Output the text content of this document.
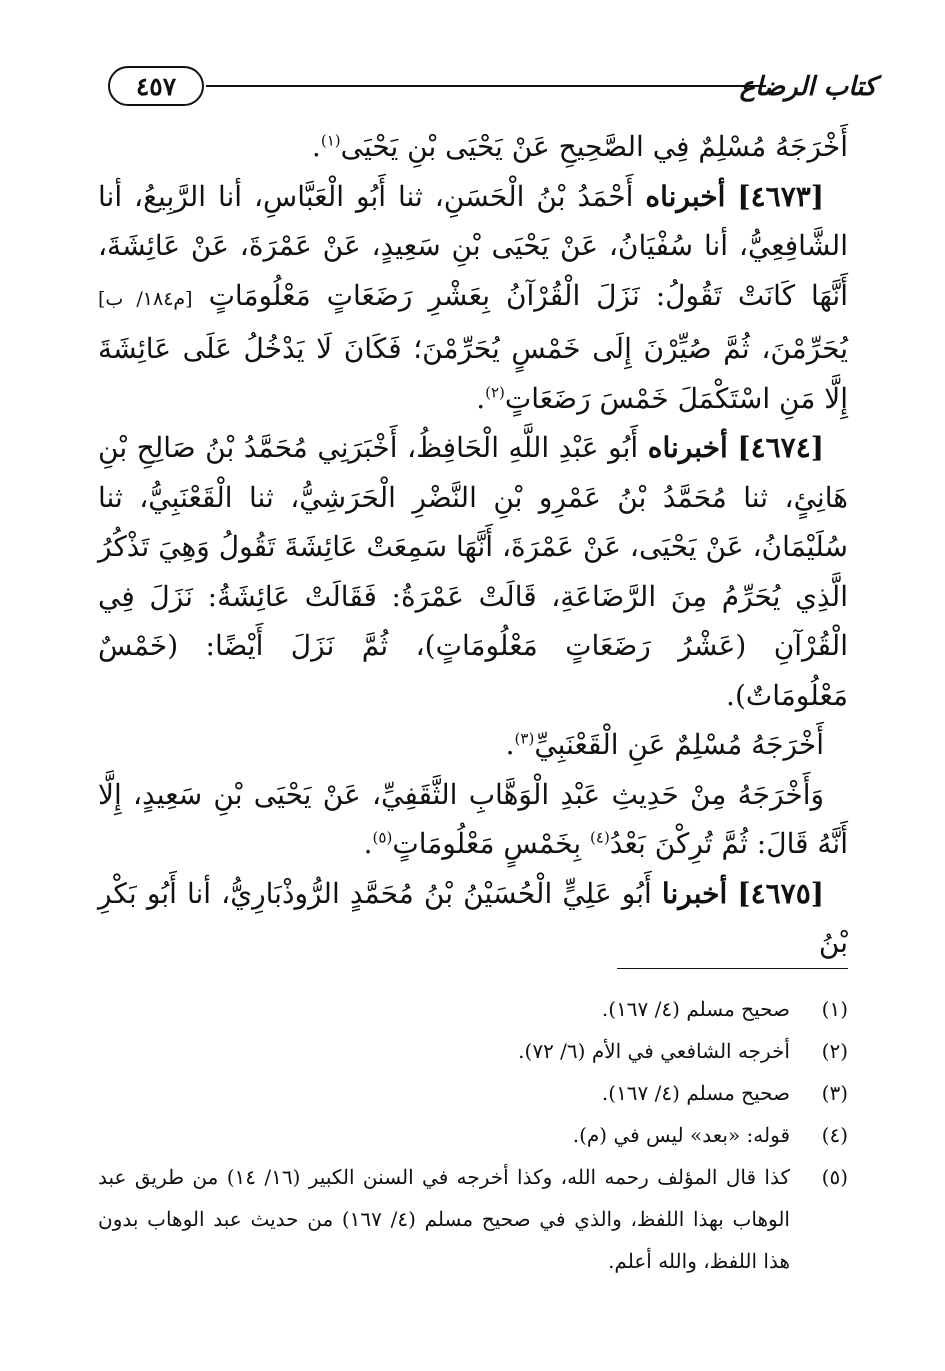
٤٥٧	كتاب الرضاع

أَخْرَجَهُ مُسْلِمٌ فِي الصَّحِيحِ عَنْ يَحْيَى بْنِ يَحْيَى$^{(١)}$.

[٤٦٧٣] أخبرناه أَحْمَدُ بْنُ الْحَسَنِ، ثنا أَبُو الْعَبَّاسِ، أنا الرَّبِيعُ، أنا الشَّافِعِيُّ، أنا سُفْيَانُ، عَنْ يَحْيَى بْنِ سَعِيدٍ، عَنْ عَمْرَةَ، عَنْ عَائِشَةَ، أَنَّهَا كَانَتْ تَقُولُ: نَزَلَ الْقُرْآنُ بِعَشْرِ رَضَعَاتٍ مَعْلُومَاتٍ [م١٨٤/ ب] يُحَرِّمْنَ، ثُمَّ صُيِّرْنَ إِلَى خَمْسٍ يُحَرِّمْنَ؛ فَكَانَ لَا يَدْخُلُ عَلَى عَائِشَةَ إِلَّا مَنِ اسْتَكْمَلَ خَمْسَ رَضَعَاتٍ$^{(٢)}$.

[٤٦٧٤] أخبرناه أَبُو عَبْدِ اللَّهِ الْحَافِظُ، أَخْبَرَنِي مُحَمَّدُ بْنُ صَالِحِ بْنِ هَانِئٍ، ثنا مُحَمَّدُ بْنُ عَمْرِو بْنِ النَّضْرِ الْحَرَشِيُّ، ثنا الْقَعْنَبِيُّ، ثنا سُلَيْمَانُ، عَنْ يَحْيَى، عَنْ عَمْرَةَ، أَنَّهَا سَمِعَتْ عَائِشَةَ تَقُولُ وَهِيَ تَذْكُرُ الَّذِي يُحَرِّمُ مِنَ الرَّضَاعَةِ، قَالَتْ عَمْرَةُ: فَقَالَتْ عَائِشَةُ: نَزَلَ فِي الْقُرْآنِ (عَشْرُ رَضَعَاتٍ مَعْلُومَاتٍ)، ثُمَّ نَزَلَ أَيْضًا: (خَمْسٌ مَعْلُومَاتٌ).

أَخْرَجَهُ مُسْلِمٌ عَنِ الْقَعْنَبِيِّ$^{(٣)}$.

وَأَخْرَجَهُ مِنْ حَدِيثِ عَبْدِ الْوَهَّابِ الثَّقَفِيِّ، عَنْ يَحْيَى بْنِ سَعِيدٍ، إِلَّا أَنَّهُ قَالَ: ثُمَّ تُرِكْنَ بَعْدُ$^{(٤)}$ بِخَمْسٍ مَعْلُومَاتٍ$^{(٥)}$.

[٤٦٧٥] أخبرنا أَبُو عَلِيٍّ الْحُسَيْنُ بْنُ مُحَمَّدٍ الرُّوذْبَارِيُّ، أنا أَبُو بَكْرِ بْنُ

(١)
صحيح مسلم (٤/ ١٦٧).
(٢)
أخرجه الشافعي في الأم (٦/ ٧٢).
(٣)
صحيح مسلم (٤/ ١٦٧).
(٤)
قوله: «بعد» ليس في (م).
(٥)
كذا قال المؤلف رحمه الله، وكذا أخرجه في السنن الكبير (١٦/ ١٤) من طريق عبد الوهاب بهذا اللفظ، والذي في صحيح مسلم (٤/ ١٦٧) من حديث عبد الوهاب بدون هذا اللفظ، والله أعلم.
